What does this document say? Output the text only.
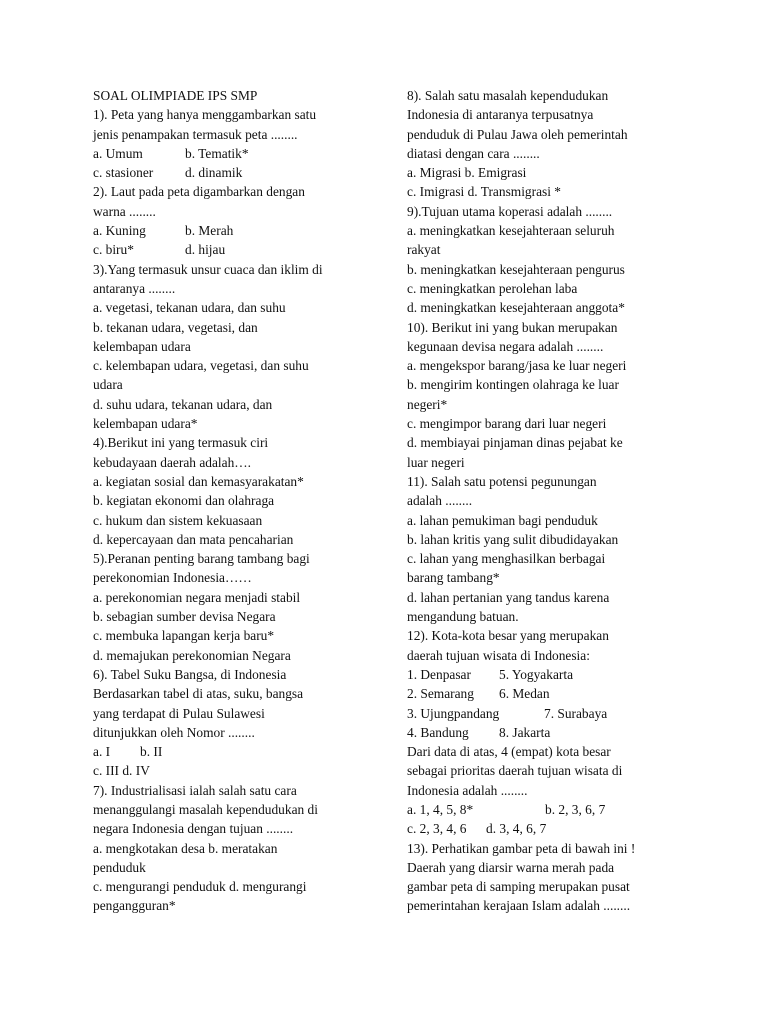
SOAL OLIMPIADE IPS SMP
1). Peta yang hanya menggambarkan satu
jenis penampakan termasuk peta ........
a. Umum	b. Tematik*
c. stasioner	d. dinamik
2). Laut pada peta digambarkan dengan
warna ........
a. Kuning	b. Merah
c. biru*	d. hijau
3).Yang termasuk unsur cuaca dan iklim di
antaranya ........
a. vegetasi, tekanan udara, dan suhu
b. tekanan udara, vegetasi, dan
kelembapan udara
c. kelembapan udara, vegetasi, dan suhu
udara
d. suhu udara, tekanan udara, dan
kelembapan udara*
4).Berikut ini yang termasuk ciri
kebudayaan daerah adalah….
a. kegiatan sosial dan kemasyarakatan*
b. kegiatan ekonomi dan olahraga
c. hukum dan sistem kekuasaan
d. kepercayaan dan mata pencaharian
5).Peranan penting barang tambang bagi
perekonomian Indonesia……
a. perekonomian negara menjadi stabil
b. sebagian sumber devisa Negara
c. membuka lapangan kerja baru*
d. memajukan perekonomian Negara
6). Tabel Suku Bangsa, di Indonesia
Berdasarkan tabel di atas, suku, bangsa
yang terdapat di Pulau Sulawesi
ditunjukkan oleh Nomor ........
a. I	b. II
c. III d. IV
7). Industrialisasi ialah salah satu cara
menanggulangi masalah kependudukan di
negara Indonesia dengan tujuan ........
a. mengkotakan desa b. meratakan
penduduk
c. mengurangi penduduk d. mengurangi
pengangguran*
8). Salah satu masalah kependudukan
Indonesia di antaranya terpusatnya
penduduk di Pulau Jawa oleh pemerintah
diatasi dengan cara ........
a. Migrasi b. Emigrasi
c. Imigrasi d. Transmigrasi *
9).Tujuan utama koperasi adalah ........
a. meningkatkan kesejahteraan seluruh
rakyat
b. meningkatkan kesejahteraan pengurus
c. meningkatkan perolehan laba
d. meningkatkan kesejahteraan anggota*
10). Berikut ini yang bukan merupakan
kegunaan devisa negara adalah ........
a. mengekspor barang/jasa ke luar negeri
b. mengirim kontingen olahraga ke luar
negeri*
c. mengimpor barang dari luar negeri
d. membiayai pinjaman dinas pejabat ke
luar negeri
11). Salah satu potensi pegunungan
adalah ........
a. lahan pemukiman bagi penduduk
b. lahan kritis yang sulit dibudidayakan
c. lahan yang menghasilkan berbagai
barang tambang*
d. lahan pertanian yang tandus karena
mengandung batuan.
12). Kota-kota besar yang merupakan
daerah tujuan wisata di Indonesia:
1. Denpasar	5. Yogyakarta
2. Semarang	6. Medan
3. Ujungpandang	7. Surabaya
4. Bandung	8. Jakarta
Dari data di atas, 4 (empat) kota besar
sebagai prioritas daerah tujuan wisata di
Indonesia adalah ........
a. 1, 4, 5, 8*	b. 2, 3, 6, 7
c. 2, 3, 4, 6	d. 3, 4, 6, 7
13). Perhatikan gambar peta di bawah ini !
Daerah yang diarsir warna merah pada
gambar peta di samping merupakan pusat
pemerintahan kerajaan Islam adalah ........
